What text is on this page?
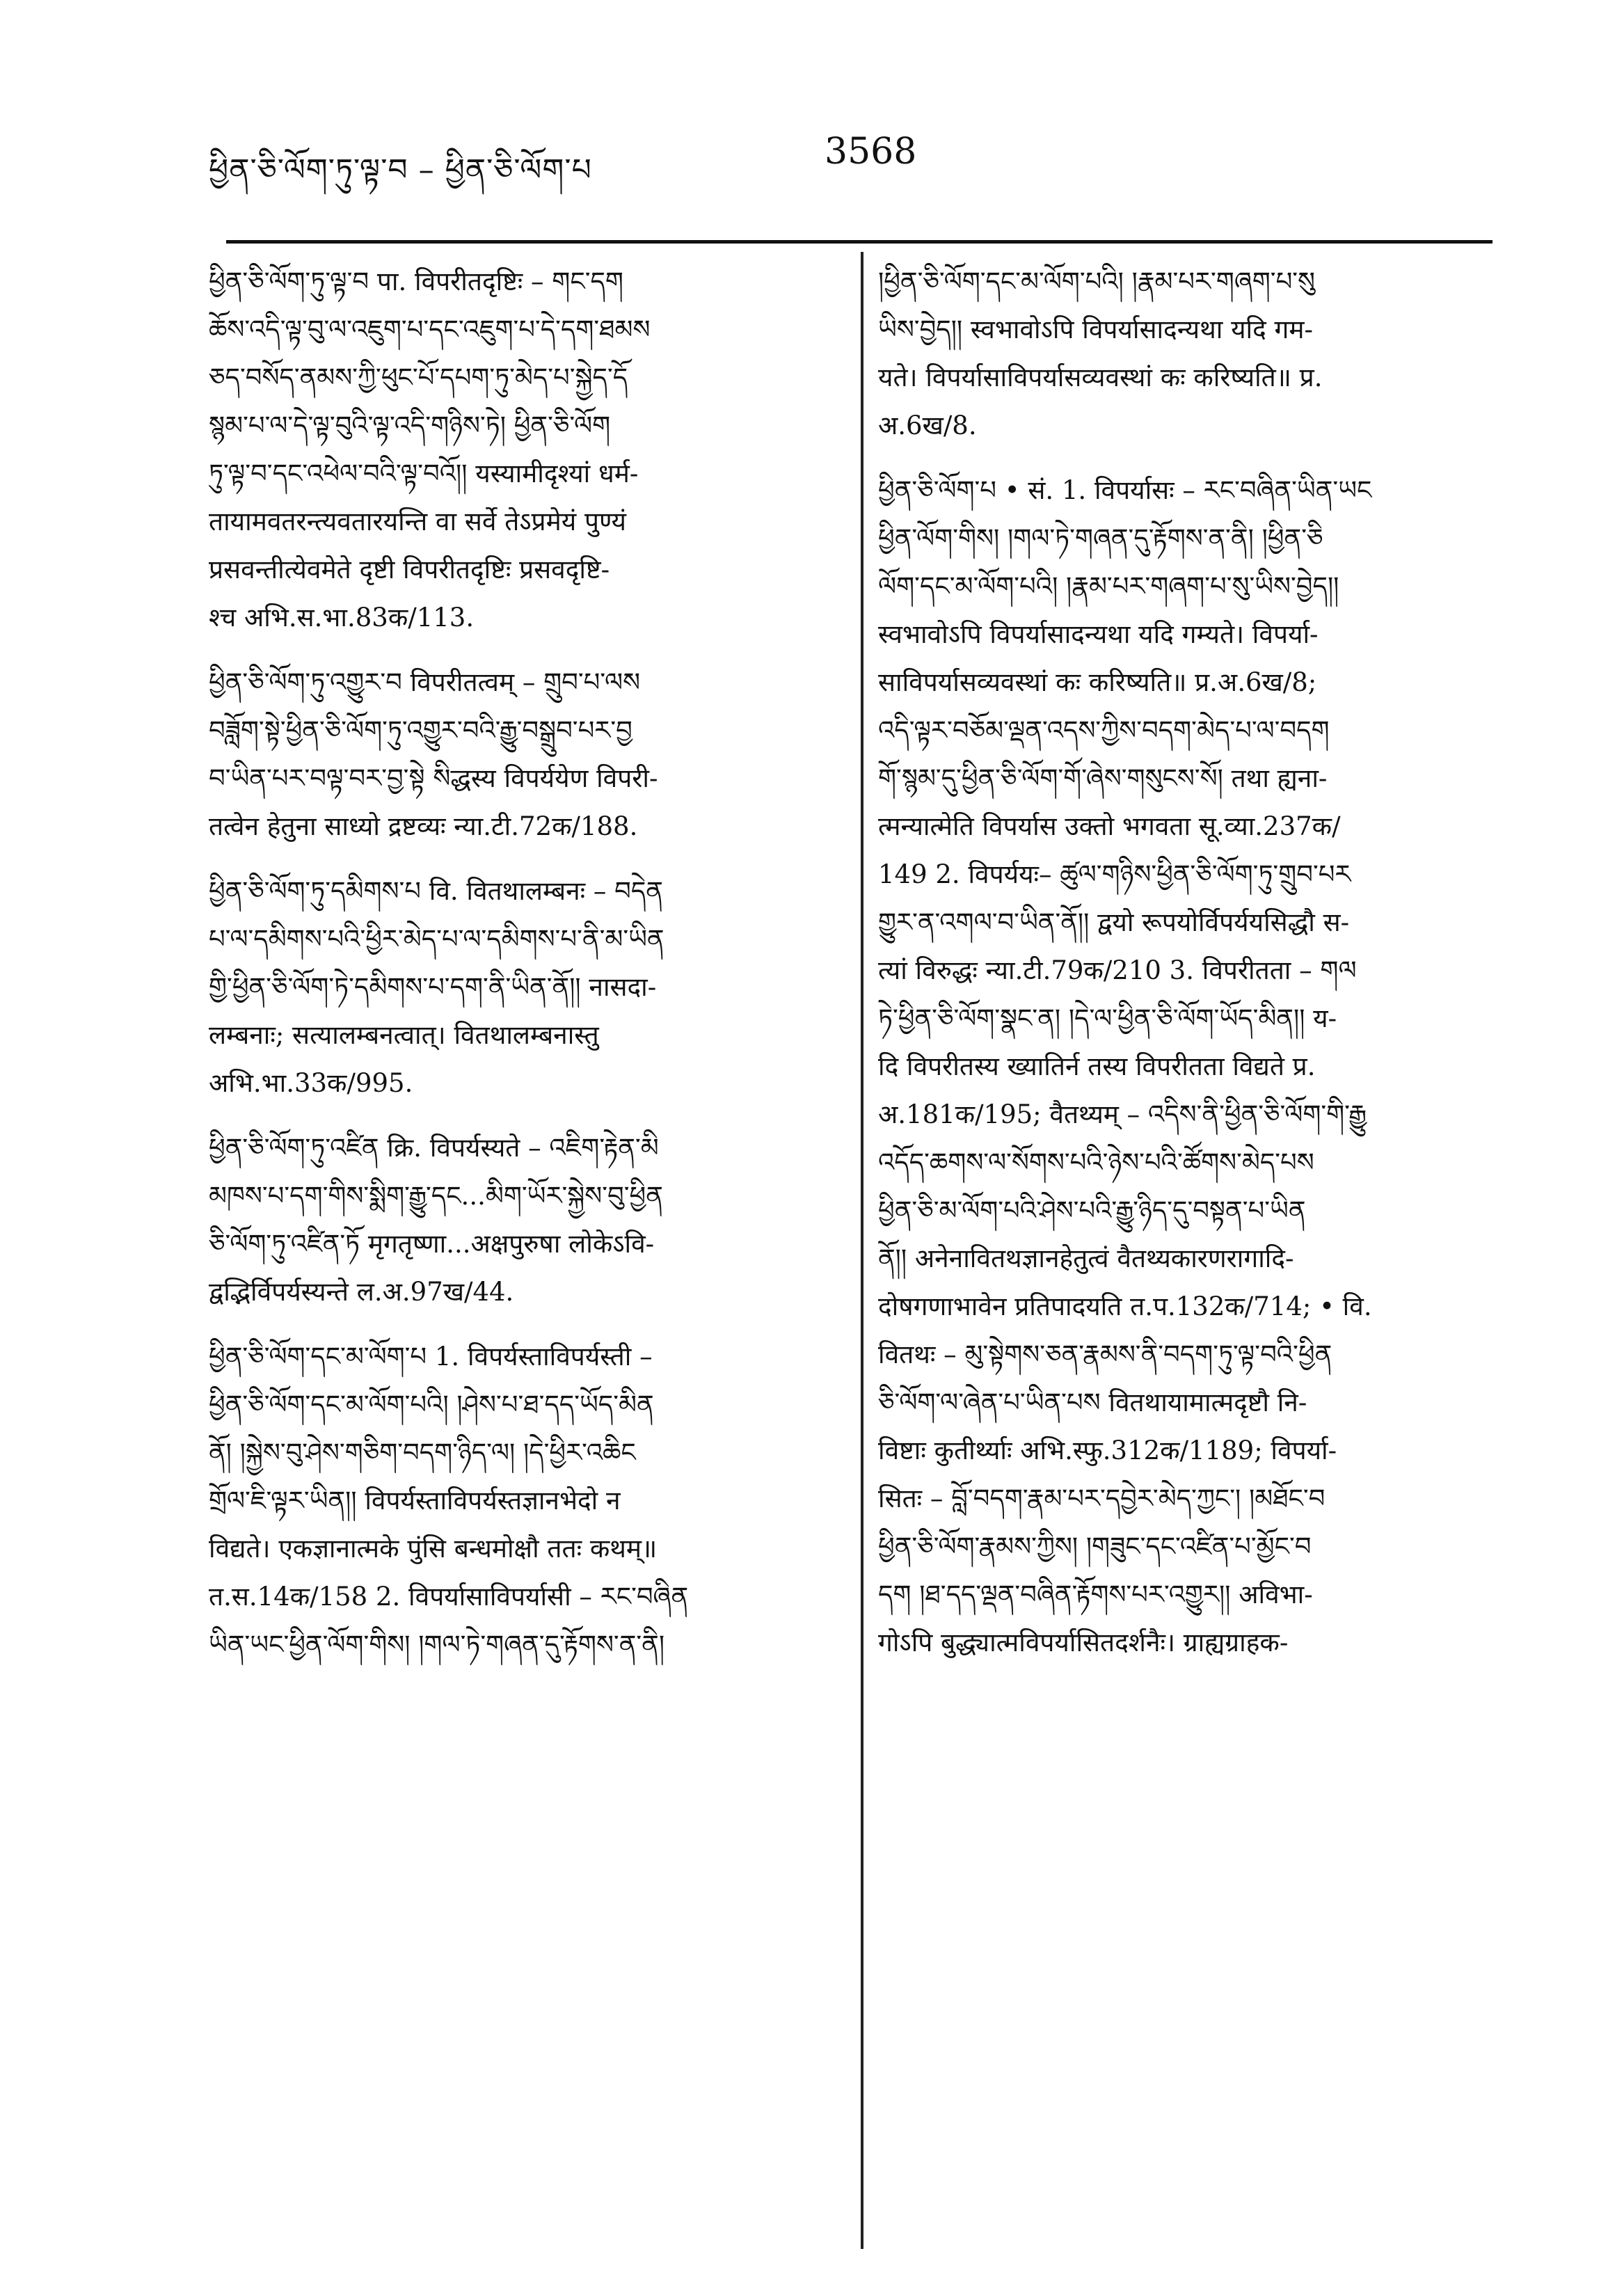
ཕྱིན་ཅི་ལོག་ཏུ་ལྟ་བ – ཕྱིན་ཅི་ལོག་པ	3568
ཕྱིན་ཅི་ལོག་ཏུ་ལྟ་བ पा. विपरीतदृष्टिः – གང་དག
ཆོས་འདི་ལྟ་བུ་ལ་འཇུག་པ་དང་འཇུག་པ་དེ་དག་ཐམས
ཅད་བསོད་ནམས་ཀྱི་ཕུང་པོ་དཔག་ཏུ་མེད་པ་སྐྱེད་དོ
སྙམ་པ་ལ་དེ་ལྟ་བུའི་ལྟ་འདི་གཉིས་ཏེ། ཕྱིན་ཅི་ལོག
ཏུ་ལྟ་བ་དང་འཕེལ་བའི་ལྟ་བའོ།། यस्यामीदृश्यां धर्म-
तायामवतरन्त्यवतारयन्ति वा सर्वे तेऽप्रमेयं पुण्यं
प्रसवन्तीत्येवमेते दृष्टी विपरीतदृष्टिः प्रसवदृष्टि-
श्च अभि.स.भा.83क/113.
ཕྱིན་ཅི་ལོག་ཏུ་འགྱུར་བ विपरीतत्वम् – གྲུབ་པ་ལས
བཟློག་སྟེ་ཕྱིན་ཅི་ལོག་ཏུ་འགྱུར་བའི་རྒྱུ་བསྒྲུབ་པར་བྱ
བ་ཡིན་པར་བལྟ་བར་བྱ་སྟེ སིद्धस्य विपर्ययेण विपरी-
तत्वेन हेतुना साध्यो द्रष्टव्यः न्या.टी.72क/188.
ཕྱིན་ཅི་ལོག་ཏུ་དམིགས་པ वि. वितथालम्बनः – བདེན
པ་ལ་དམིགས་པའི་ཕྱིར་མེད་པ་ལ་དམིགས་པ་ནི་མ་ཡིན
གྱི་ཕྱིན་ཅི་ལོག་ཏེ་དམིགས་པ་དག་ནི་ཡིན་ནོ།། नासदा-
लम्बनाः; सत्यालम्बनत्वात्। वितथालम्बनास्तु
अभि.भा.33क/995.
ཕྱིན་ཅི་ལོག་ཏུ་འཛིན क्रि. विपर्यस्यते – འཇིག་རྟེན་མི
མཁས་པ་དག་གིས་སྨིག་རྒྱུ་དང...མིག་ཡོར་སྐྱེས་བུ་ཕྱིན
ཅི་ལོག་ཏུ་འཛིན་ཏོ मृगतृष्णा...अक्षपुरुषा लोकेऽवि-
द्वद्भिर्विपर्यस्यन्ते ल.अ.97ख/44.
ཕྱིན་ཅི་ལོག་དང་མ་ལོག་པ 1. विपर्यस्ताविपर्यस्ती –
ཕྱིན་ཅི་ལོག་དང་མ་ལོག་པའི། །ཤེས་པ་ཐ་དད་ཡོད་མིན
ནོ། །སྐྱེས་བུ་ཤེས་གཅིག་བདག་ཉིད་ལ། །དེ་ཕྱིར་འཆིང
གྲོལ་ཇི་ལྟར་ཡིན།། विपर्यस्ताविपर्यस्तज्ञानभेदो न
विद्यते। एकज्ञानात्मके पुंसि बन्धमोक्षौ ततः कथम्॥
त.स.14क/158 2. विपर्यासाविपर्यासी – རང་བཞིན
ཡིན་ཡང་ཕྱིན་ལོག་གིས། །གལ་ཏེ་གཞན་དུ་རྟོགས་ན་ནི།
།ཕྱིན་ཅི་ལོག་དང་མ་ལོག་པའི། །རྣམ་པར་གཞག་པ་སུ
ཡིས་བྱེད།། स्वभावोऽपि विपर्यासादन्यथा यदि गम-
यते। विपर्यासाविपर्यासव्यवस्थां कः करिष्यति॥ प्र.
अ.6ख/8.
ཕྱིན་ཅི་ལོག་པ • सं. 1. विपर्यासः – རང་བཞིན་ཡིན་ཡང
ཕྱིན་ལོག་གིས། །གལ་ཏེ་གཞན་དུ་རྟོགས་ན་ནི། །ཕྱིན་ཅི
ལོག་དང་མ་ལོག་པའི། །རྣམ་པར་གཞག་པ་སུ་ཡིས་བྱེད།།
स्वभावोऽपि विपर्यासादन्यथा यदि गम्यते। विपर्या-
साविपर्यासव्यवस्थां कः करिष्यति॥ प्र.अ.6ख/8;
འདི་ལྟར་བཅོམ་ལྡན་འདས་ཀྱིས་བདག་མེད་པ་ལ་བདག
གོ་སྙམ་དུ་ཕྱིན་ཅི་ལོག་གོ་ཞེས་གསུངས་སོ། तथा ह्यना-
त्मन्यात्मेति विपर्यास उक्तो भगवता सू.व्या.237क/
149 2. विपर्ययः– ཚུལ་གཉིས་ཕྱིན་ཅི་ལོག་ཏུ་གྲུབ་པར
གྱུར་ན་འགལ་བ་ཡིན་ནོ།། द्वयो रूपयोर्विपर्ययसिद्धौ स-
त्यां विरुद्धः न्या.टी.79क/210 3. विपरीतता – གལ
ཏེ་ཕྱིན་ཅི་ལོག་སྣང་ན། །དེ་ལ་ཕྱིན་ཅི་ལོག་ཡོད་མིན།། य-
दि विपरीतस्य ख्यातिर्न तस्य विपरीतता विद्यते प्र.
अ.181क/195; वैतथ्यम् – འདིས་ནི་ཕྱིན་ཅི་ལོག་གི་རྒྱུ
འདོད་ཆགས་ལ་སོགས་པའི་ཉེས་པའི་ཚོགས་མེད་པས
ཕྱིན་ཅི་མ་ལོག་པའི་ཤེས་པའི་རྒྱུ་ཉིད་དུ་བསྟན་པ་ཡིན
ནོ།། अनेनावितथज्ञानहेतुत्वं वैतथ्यकारणरागादि-
दोषगणाभावेन प्रतिपादयति त.प.132क/714; • वि.
वितथः – མུ་སྟེགས་ཅན་རྣམས་ནི་བདག་ཏུ་ལྟ་བའི་ཕྱིན
ཅི་ལོག་ལ་ཞེན་པ་ཡིན་པས वितथायामात्मदृष्टौ नि-
विष्टाः कुतीर्थ्याः अभि.स्फु.312क/1189; विपर्या-
सितः – བློ་བདག་རྣམ་པར་དབྱེར་མེད་ཀྱང་། །མཐོང་བ
ཕྱིན་ཅི་ལོག་རྣམས་ཀྱིས། །གཟུང་དང་འཛིན་པ་མྱོང་བ
དག །ཐ་དད་ལྡན་བཞིན་རྟོགས་པར་འགྱུར།། अविभा-
गोऽपि बुद्ध्यात्मविपर्यासितदर्शनैः। ग्राह्यग्राहक-
